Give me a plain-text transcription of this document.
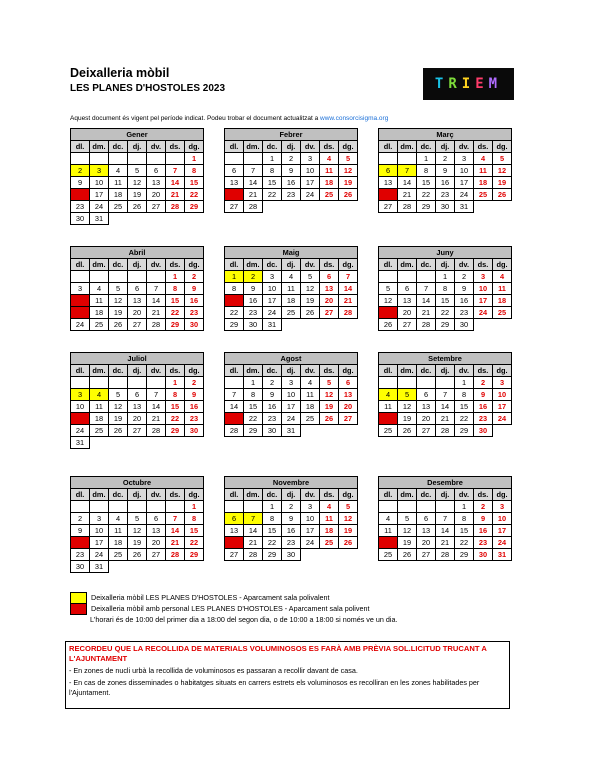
Deixalleria mòbil
LES PLANES D'HOSTOLES 2023	T R I E M
Aquest document és vigent pel període indicat. Podeu trobar el document actualitzat a www.consorcisigma.org
Gener						
dl.	dm.	dc.	dj.	dv.	ds.	dg.
						1
2	3	4	5	6	7	8
9	10	11	12	13	14	15
16	17	18	19	20	21	22
23	24	25	26	27	28	29
30	31					
Febrer						
dl.	dm.	dc.	dj.	dv.	ds.	dg.
		1	2	3	4	5
6	7	8	9	10	11	12
13	14	15	16	17	18	19
20	21	22	23	24	25	26
27	28					
Març						
dl.	dm.	dc.	dj.	dv.	ds.	dg.
		1	2	3	4	5
6	7	8	9	10	11	12
13	14	15	16	17	18	19
20	21	22	23	24	25	26
27	28	29	30	31		
Abril						
dl.	dm.	dc.	dj.	dv.	ds.	dg.
					1	2
3	4	5	6	7	8	9
10	11	12	13	14	15	16
17	18	19	20	21	22	23
24	25	26	27	28	29	30
Maig						
dl.	dm.	dc.	dj.	dv.	ds.	dg.
1	2	3	4	5	6	7
8	9	10	11	12	13	14
15	16	17	18	19	20	21
22	23	24	25	26	27	28
29	30	31				
Juny						
dl.	dm.	dc.	dj.	dv.	ds.	dg.
			1	2	3	4
5	6	7	8	9	10	11
12	13	14	15	16	17	18
19	20	21	22	23	24	25
26	27	28	29	30		
Juliol						
dl.	dm.	dc.	dj.	dv.	ds.	dg.
					1	2
3	4	5	6	7	8	9
10	11	12	13	14	15	16
17	18	19	20	21	22	23
24	25	26	27	28	29	30
31						
Agost						
dl.	dm.	dc.	dj.	dv.	ds.	dg.
	1	2	3	4	5	6
7	8	9	10	11	12	13
14	15	16	17	18	19	20
21	22	23	24	25	26	27
28	29	30	31			
Setembre						
dl.	dm.	dc.	dj.	dv.	ds.	dg.
				1	2	3
4	5	6	7	8	9	10
11	12	13	14	15	16	17
18	19	20	21	22	23	24
25	26	27	28	29	30	
Octubre						
dl.	dm.	dc.	dj.	dv.	ds.	dg.
						1
2	3	4	5	6	7	8
9	10	11	12	13	14	15
16	17	18	19	20	21	22
23	24	25	26	27	28	29
30	31					
Novembre						
dl.	dm.	dc.	dj.	dv.	ds.	dg.
		1	2	3	4	5
6	7	8	9	10	11	12
13	14	15	16	17	18	19
20	21	22	23	24	25	26
27	28	29	30			
Desembre						
dl.	dm.	dc.	dj.	dv.	ds.	dg.
				1	2	3
4	5	6	7	8	9	10
11	12	13	14	15	16	17
18	19	20	21	22	23	24
25	26	27	28	29	30	31
Deixalleria mòbil LES PLANES D'HOSTOLES - Aparcament sala polivalent
Deixalleria mòbil amb personal LES PLANES D'HOSTOLES - Aparcament sala polivent
L'horari és de 10:00 del primer dia a 18:00 del segon dia, o de 10:00 a 18:00 si només ve un dia.
RECORDEU QUE LA RECOLLIDA DE MATERIALS VOLUMINOSOS ES FARÀ AMB PRÈVIA SOL.LICITUD TRUCANT A L'AJUNTAMENT
- En zones de nucli urbà la recollida de voluminosos es passaran a recollir davant de casa.
- En cas de zones disseminades o habitatges situats en carrers estrets els voluminosos es recolliran en les zones habilitades per l'Ajuntament.
